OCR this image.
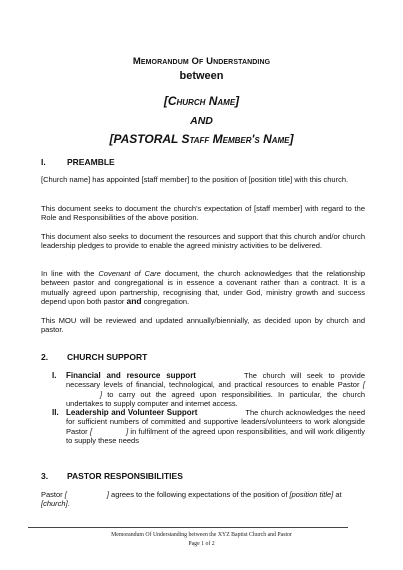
Memorandum Of Understanding

between

[Church Name]

AND

[PASTORAL Staff Member's Name]

I.	PREAMBLE

[Church name] has appointed [staff member] to the position of [position title] with this church.

This document seeks to document the church's expectation of [staff member] with regard to the Role and Responsibilities of the above position.

This document also seeks to document the resources and support that this church and/or church leadership pledges to provide to enable the agreed ministry activities to be delivered.

In line with the Covenant of Care document, the church acknowledges that the relationship between pastor and congregational is in essence a covenant rather than a contract. It is a mutually agreed upon partnership, recognising that, under God, ministry growth and success depend upon both pastor and congregation.

This MOU will be reviewed and updated annually/biennially, as decided upon by church and pastor.

2. CHURCH SUPPORT
I. Financial and resource support	The church will seek to provide necessary levels of financial, technological, and practical resources to enable Pastor [] to carry out the agreed upon responsibilities. In particular, the church undertakes to supply computer and internet access.
II. Leadership and Volunteer Support	The church acknowledges the need for sufficient numbers of committed and supportive leaders/volunteers to work alongside Pastor [	] in fulfilment of the agreed upon responsibilities, and will work diligently to supply these needs
3. PASTOR RESPONSIBILITIES

Pastor [	] agrees to the following expectations of the position of [position title] at [church].

Memorandum Of Understanding between the XYZ Baptist Church and Pastor
Page 1 of 2
